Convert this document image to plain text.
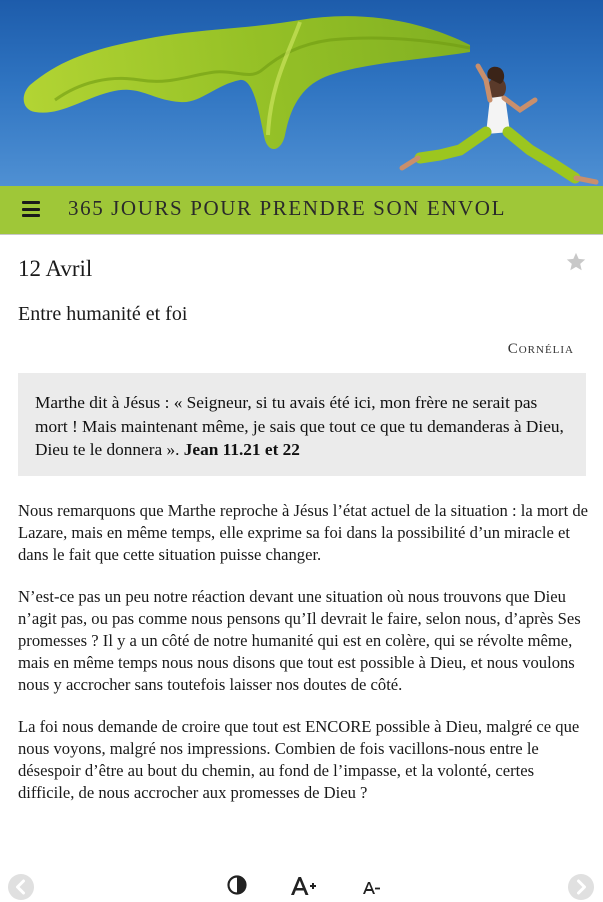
365 JOURS POUR PRENDRE SON ENVOL
12 Avril
Entre humanité et foi
Cornélia
Marthe dit à Jésus : « Seigneur, si tu avais été ici, mon frère ne serait pas mort ! Mais maintenant même, je sais que tout ce que tu demanderas à Dieu, Dieu te le donnera ». Jean 11.21 et 22

Nous remarquons que Marthe reproche à Jésus l’état actuel de la situation : la mort de Lazare, mais en même temps, elle exprime sa foi dans la possibilité d’un miracle et dans le fait que cette situation puisse changer.

N’est-ce pas un peu notre réaction devant une situation où nous trouvons que Dieu n’agit pas, ou pas comme nous pensons qu’Il devrait le faire, selon nous, d’après Ses promesses ? Il y a un côté de notre humanité qui est en colère, qui se révolte même, mais en même temps nous nous disons que tout est possible à Dieu, et nous voulons nous y accrocher sans toutefois laisser nos doutes de côté.

La foi nous demande de croire que tout est ENCORE possible à Dieu, malgré ce que nous voyons, malgré nos impressions. Combien de fois vacillons-nous entre le désespoir d’être au bout du chemin, au fond de l’impasse, et la volonté, certes difficile, de nous accrocher aux promesses de Dieu ?
